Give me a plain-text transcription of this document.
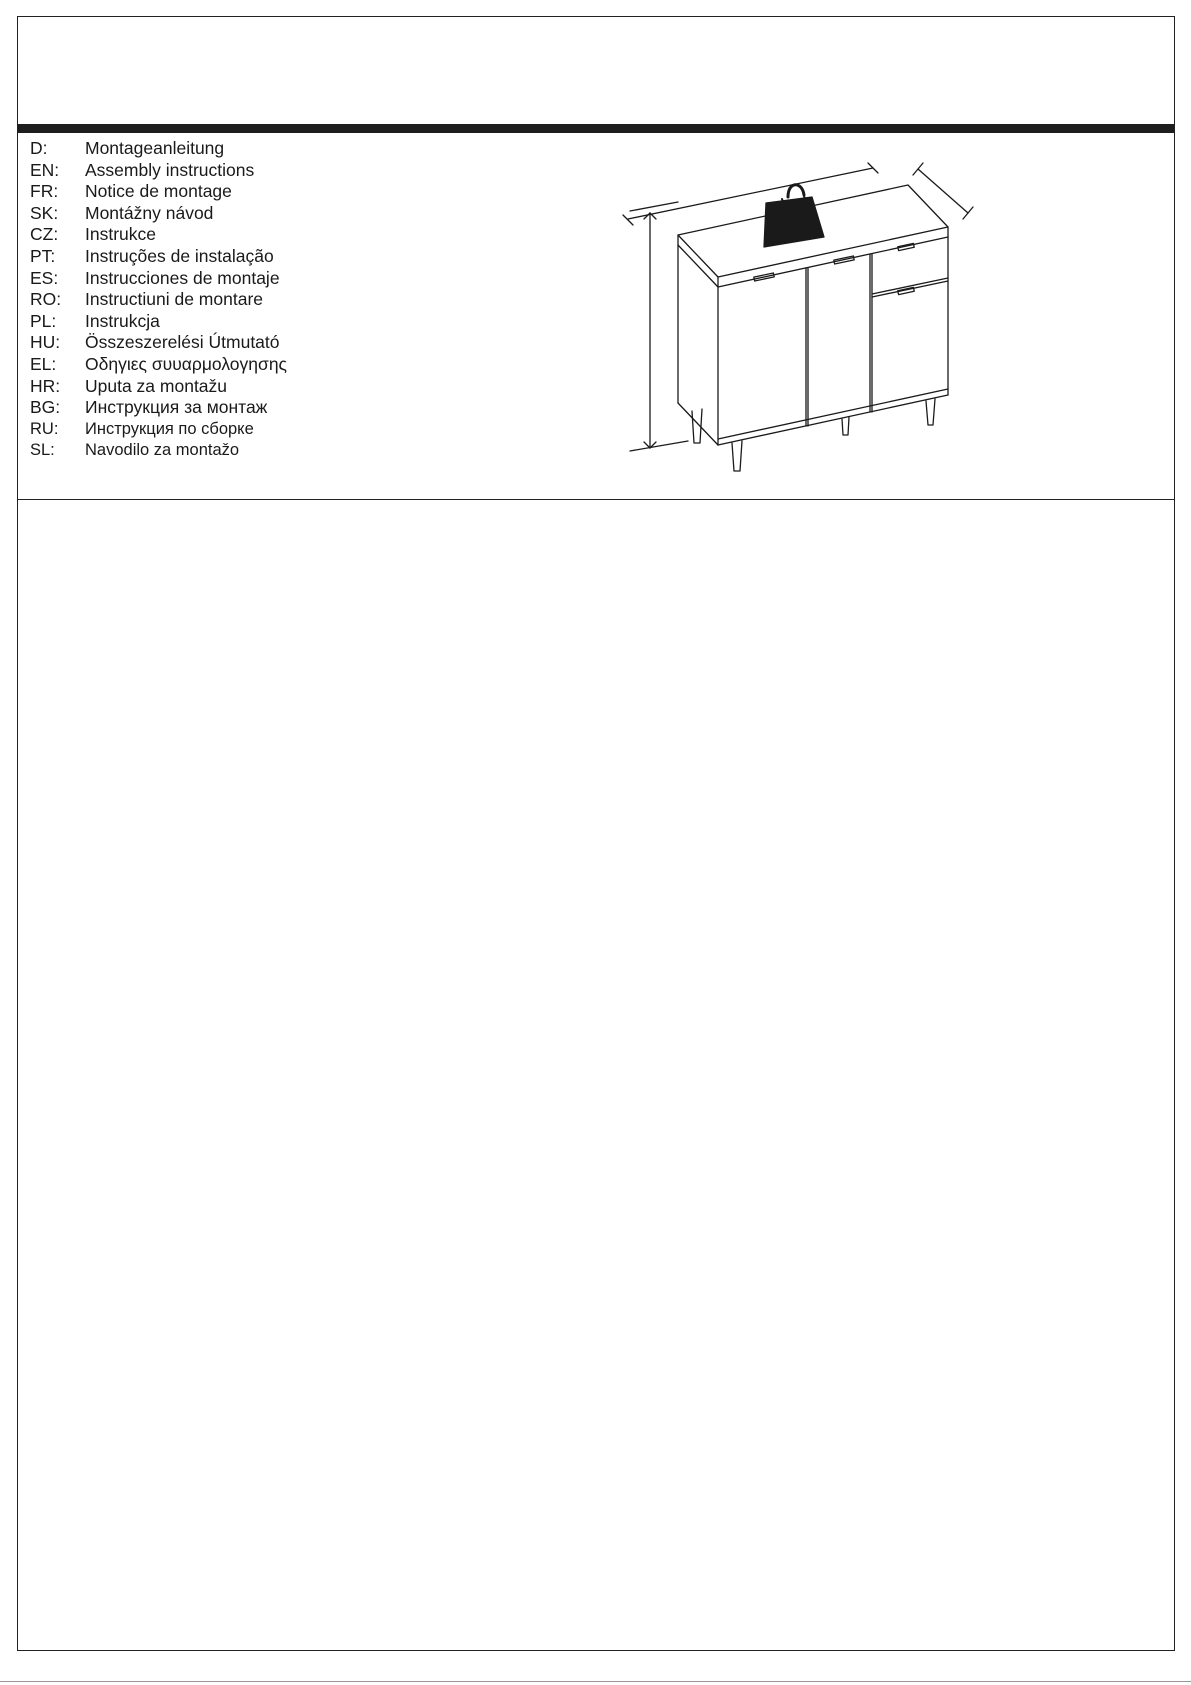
D:	Montageanleitung
EN:	Assembly instructions
FR:	Notice de montage
SK:	Montážny návod
CZ:	Instrukce
PT:	Instruções de instalação
ES:	Instrucciones de montaje
RO:	Instructiuni de montare
PL:	Instrukcja
HU:	Összeszerelési Útmutató
EL:	Οδηγιες συυαρμολογησης
HR:	Uputa za montažu
BG:	Инструкция за монтаж
RU:	Инструкция по сборке
SL:	Navodilo za montažo
